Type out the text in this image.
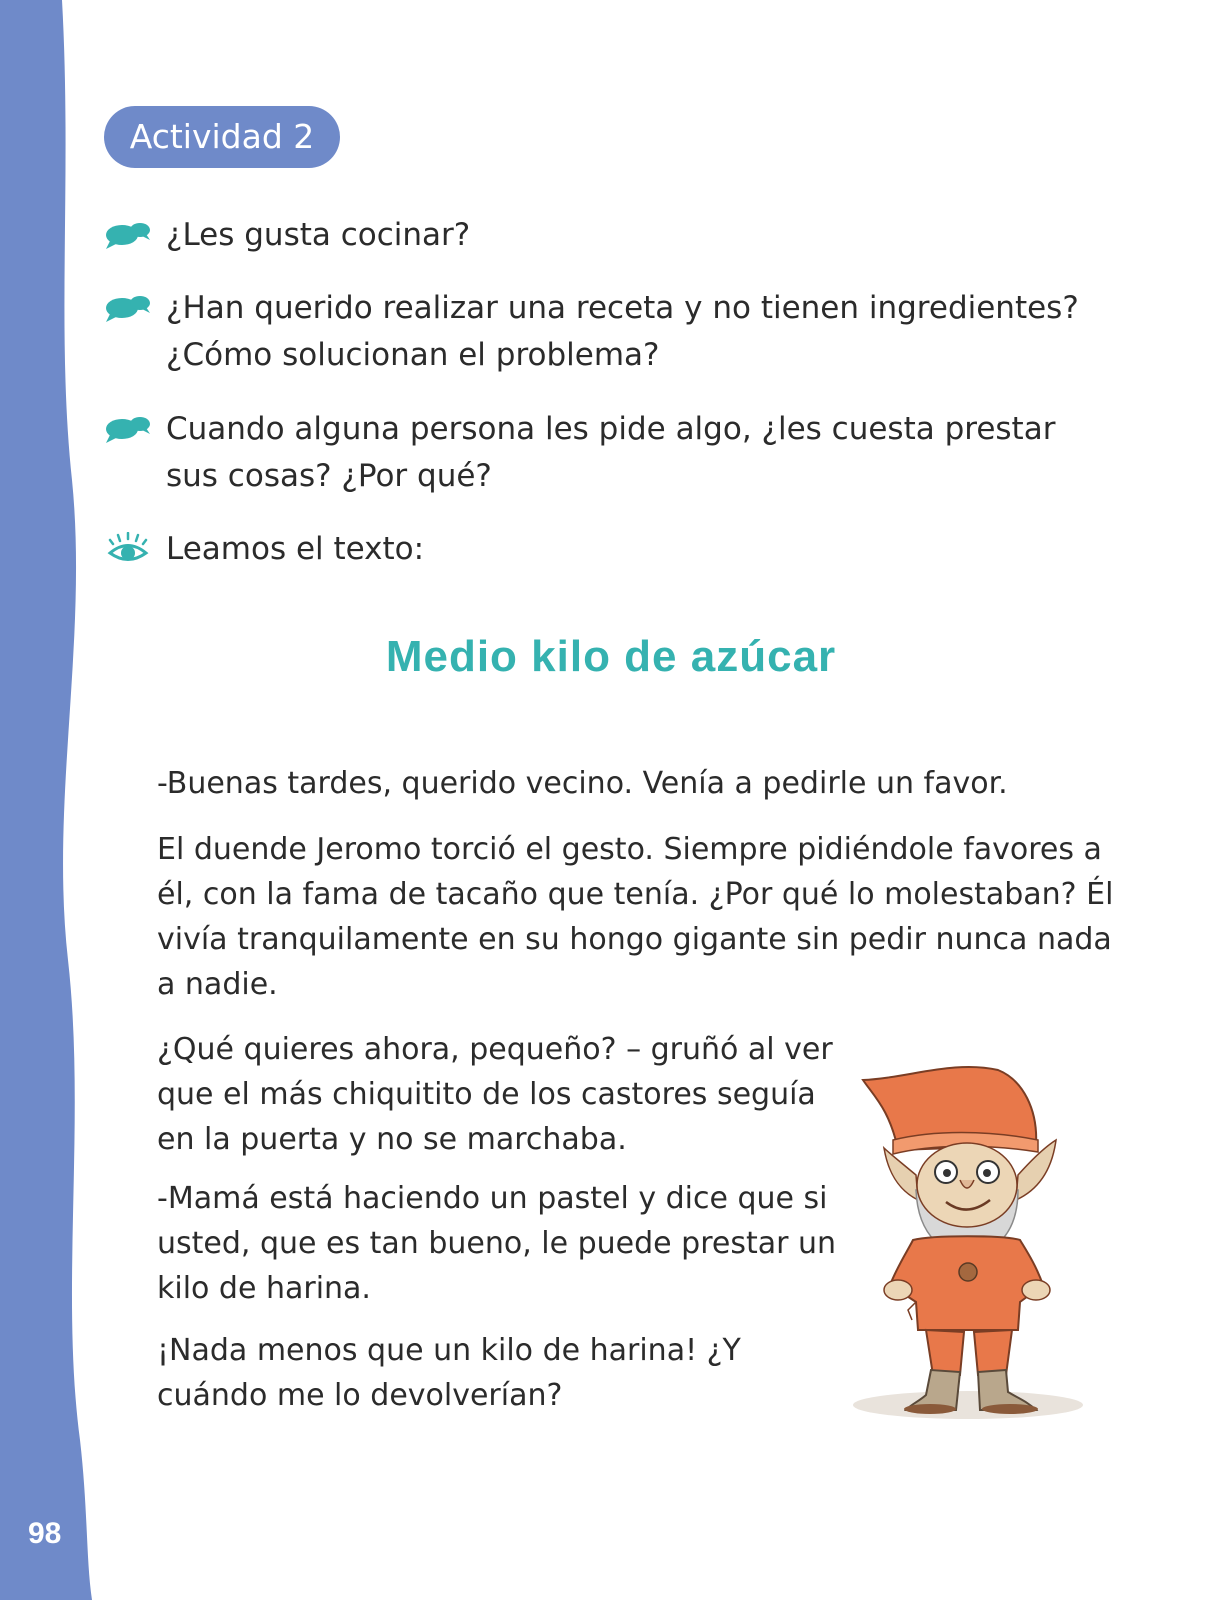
98
Actividad 2
¿Les gusta cocinar?
¿Han querido realizar una receta y no tienen ingredientes? ¿Cómo solucionan el problema?
Cuando alguna persona les pide algo, ¿les cuesta prestar sus cosas? ¿Por qué?
Leamos el texto:
Medio kilo de azúcar

-Buenas tardes, querido vecino. Venía a pedirle un favor.

El duende Jeromo torció el gesto. Siempre pidiéndole favores a él, con la fama de tacaño que tenía. ¿Por qué lo molestaban? Él vivía tranquilamente en su hongo gigante sin pedir nunca nada a nadie.

¿Qué quieres ahora, pequeño? – gruñó al ver que el más chiquitito de los castores seguía en la puerta y no se marchaba.

-Mamá está haciendo un pastel y dice que si usted, que es tan bueno, le puede prestar un kilo de harina.

¡Nada menos que un kilo de harina! ¿Y cuándo me lo devolverían?
